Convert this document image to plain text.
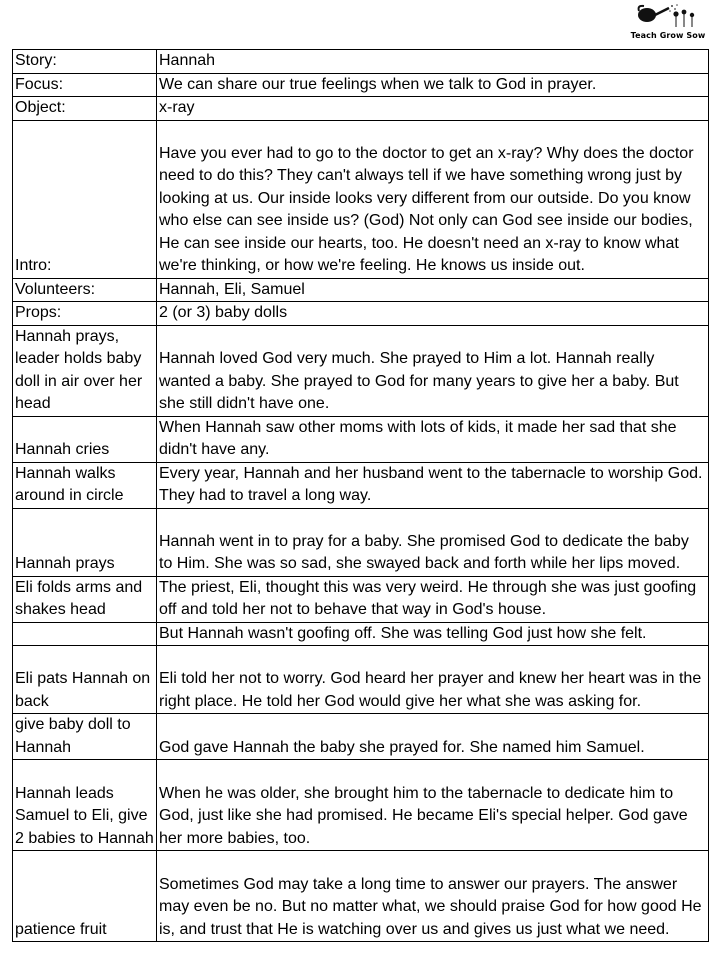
Teach Grow Sow
Story:	Hannah
Focus:	We can share our true feelings when we talk to God in prayer.
Object:	x-ray
Intro:	Have you ever had to go to the doctor to get an x-ray? Why does the doctor need to do this? They can't always tell if we have something wrong just by looking at us. Our inside looks very different from our outside. Do you know who else can see inside us? (God) Not only can God see inside our bodies, He can see inside our hearts, too. He doesn't need an x-ray to know what we're thinking, or how we're feeling. He knows us inside out.
Volunteers:	Hannah, Eli, Samuel
Props:	2 (or 3) baby dolls
Hannah prays, leader holds baby doll in air over her head	Hannah loved God very much. She prayed to Him a lot. Hannah really wanted a baby. She prayed to God for many years to give her a baby. But she still didn't have one.
Hannah cries	When Hannah saw other moms with lots of kids, it made her sad that she didn't have any.
Hannah walks around in circle	Every year, Hannah and her husband went to the tabernacle to worship God. They had to travel a long way.
Hannah prays	Hannah went in to pray for a baby. She promised God to dedicate the baby to Him. She was so sad, she swayed back and forth while her lips moved.
Eli folds arms and shakes head	The priest, Eli, thought this was very weird. He through she was just goofing off and told her not to behave that way in God's house.
	But Hannah wasn't goofing off. She was telling God just how she felt.
Eli pats Hannah on back	Eli told her not to worry. God heard her prayer and knew her heart was in the right place. He told her God would give her what she was asking for.
give baby doll to Hannah	God gave Hannah the baby she prayed for. She named him Samuel.
Hannah leads Samuel to Eli, give 2 babies to Hannah	When he was older, she brought him to the tabernacle to dedicate him to God, just like she had promised. He became Eli's special helper. God gave her more babies, too.
patience fruit	Sometimes God may take a long time to answer our prayers. The answer may even be no. But no matter what, we should praise God for how good He is, and trust that He is watching over us and gives us just what we need.
